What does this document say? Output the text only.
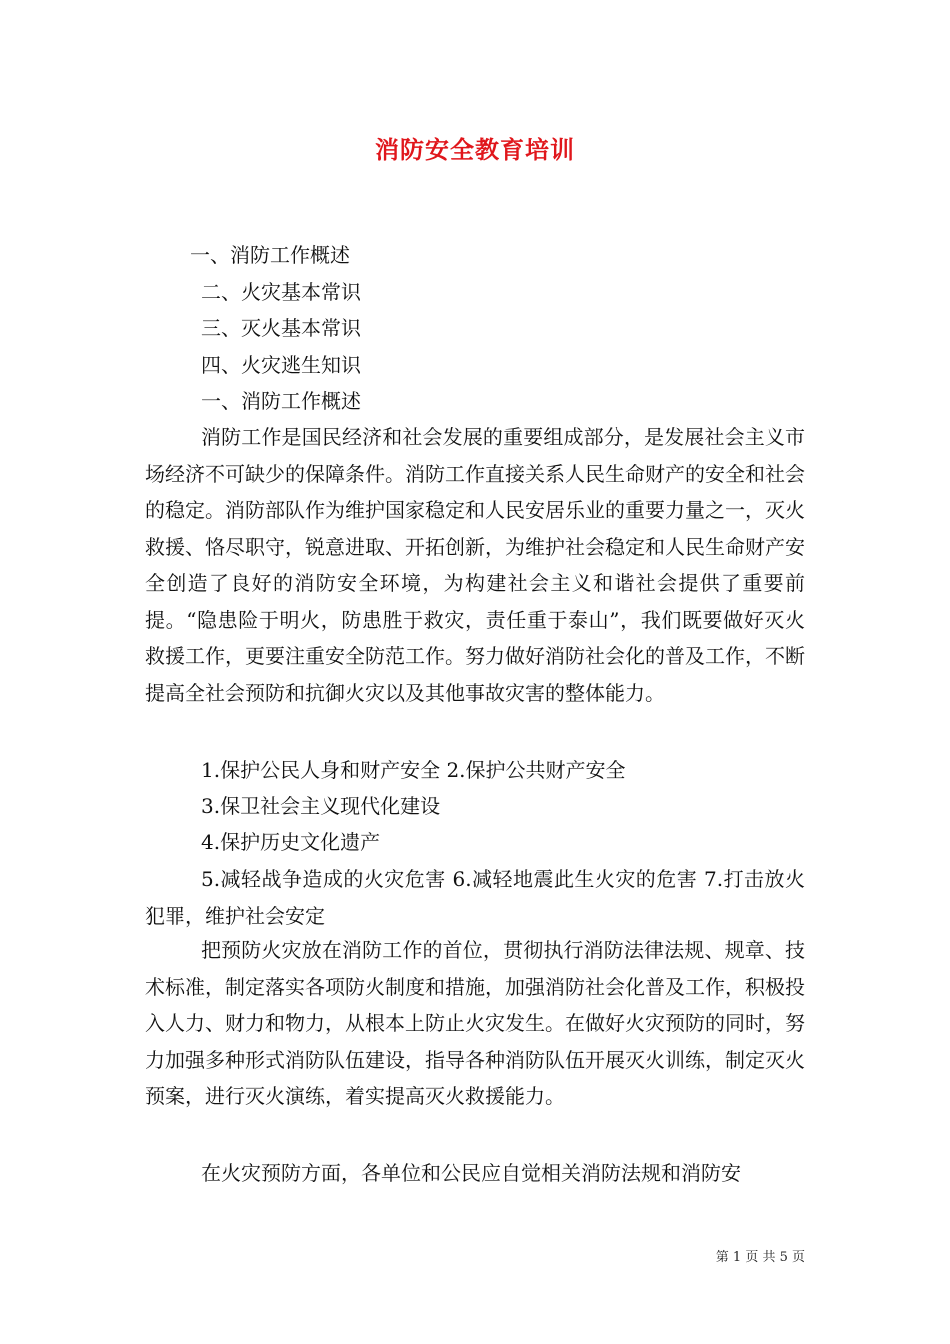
消防安全教育培训
一、消防工作概述
二、火灾基本常识
三、灭火基本常识
四、火灾逃生知识
一、消防工作概述

消防工作是国民经济和社会发展的重要组成部分，是发展社会主义市场经济不可缺少的保障条件。消防工作直接关系人民生命财产的安全和社会的稳定。消防部队作为维护国家稳定和人民安居乐业的重要力量之一，灭火救援、恪尽职守，锐意进取、开拓创新，为维护社会稳定和人民生命财产安全创造了良好的消防安全环境，为构建社会主义和谐社会提供了重要前提。“隐患险于明火，防患胜于救灾，责任重于泰山”，我们既要做好灭火救援工作，更要注重安全防范工作。努力做好消防社会化的普及工作，不断提高全社会预防和抗御火灾以及其他事故灾害的整体能力。

1.保护公民人身和财产安全 2.保护公共财产安全

3.保卫社会主义现代化建设

4.保护历史文化遗产

5.减轻战争造成的火灾危害 6.减轻地震此生火灾的危害 7.打击放火犯罪，维护社会安定

把预防火灾放在消防工作的首位，贯彻执行消防法律法规、规章、技术标准，制定落实各项防火制度和措施，加强消防社会化普及工作，积极投入人力、财力和物力，从根本上防止火灾发生。在做好火灾预防的同时，努力加强多种形式消防队伍建设，指导各种消防队伍开展灭火训练，制定灭火预案，进行灭火演练，着实提高灭火救援能力。

在火灾预防方面，各单位和公民应自觉相关消防法规和消防安

第 1 页 共 5 页
